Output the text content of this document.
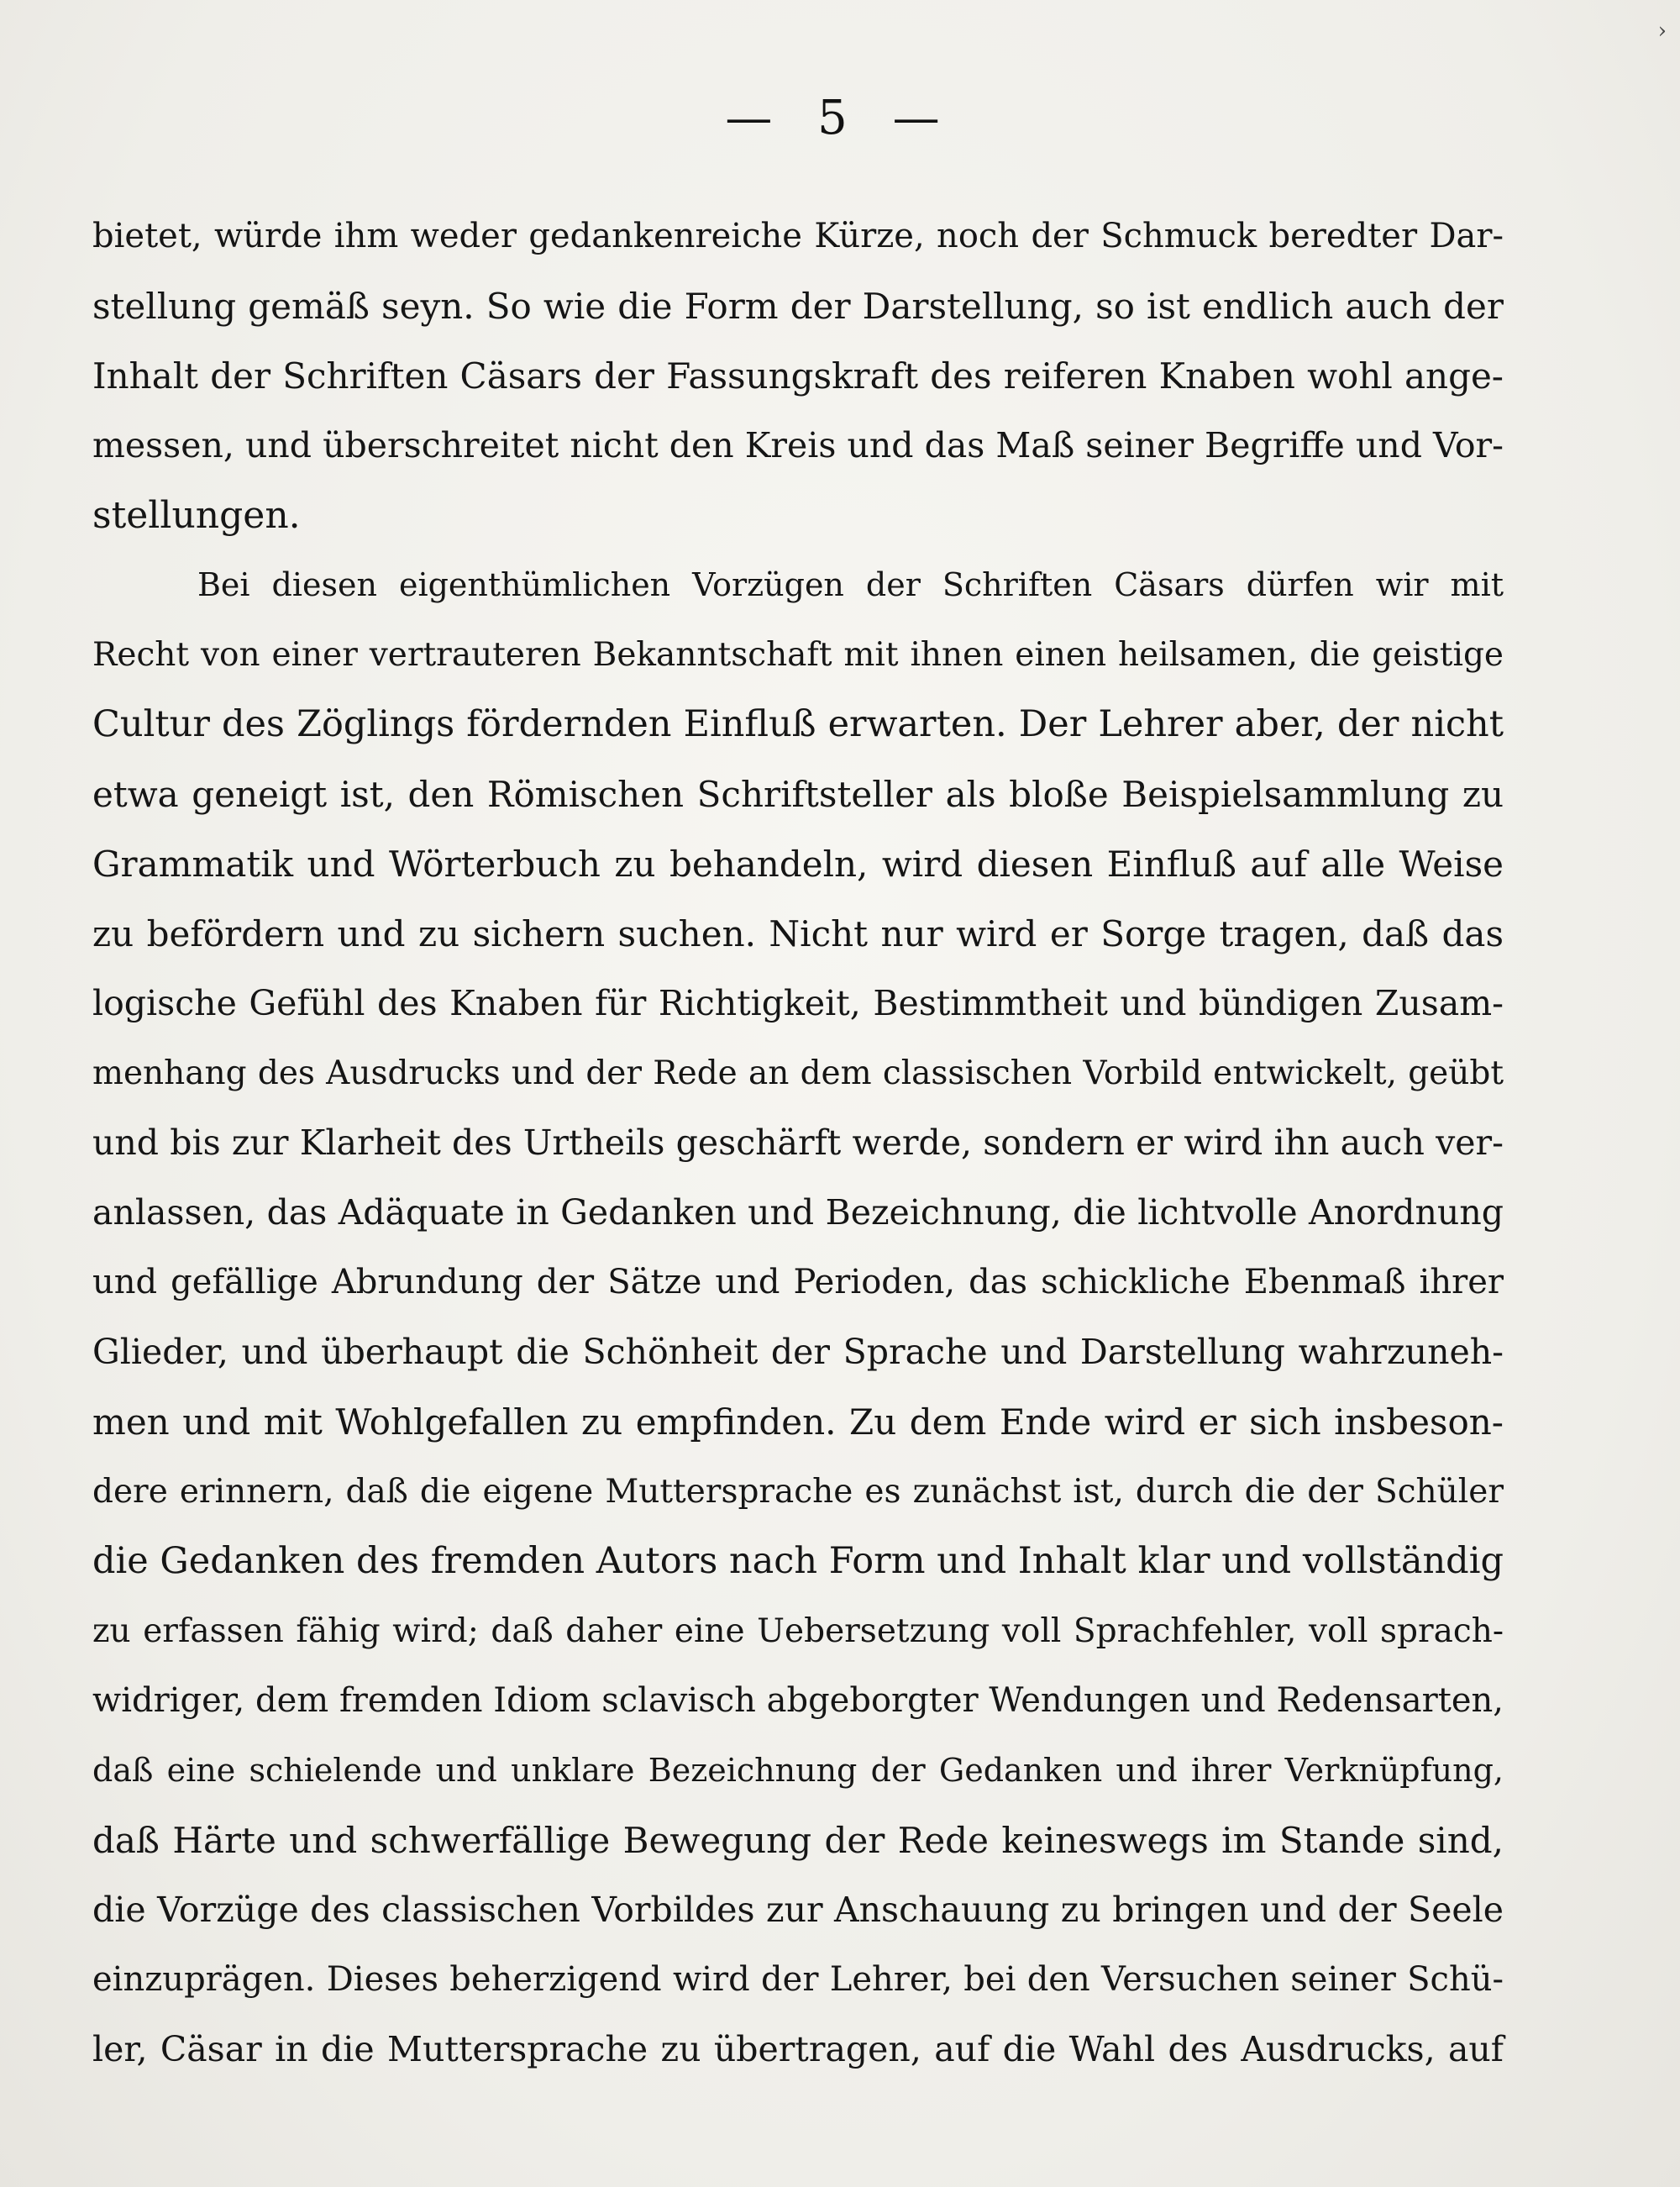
›
— 5 —
bietet, würde ihm weder gedankenreiche Kürze, noch der Schmuck beredter Dar-
stellung gemäß seyn. So wie die Form der Darstellung, so ist endlich auch der
Inhalt der Schriften Cäsars der Fassungskraft des reiferen Knaben wohl ange-
messen, und überschreitet nicht den Kreis und das Maß seiner Begriffe und Vor-
stellungen.
Bei diesen eigenthümlichen Vorzügen der Schriften Cäsars dürfen wir mit
Recht von einer vertrauteren Bekanntschaft mit ihnen einen heilsamen, die geistige
Cultur des Zöglings fördernden Einfluß erwarten. Der Lehrer aber, der nicht
etwa geneigt ist, den Römischen Schriftsteller als bloße Beispielsammlung zu
Grammatik und Wörterbuch zu behandeln, wird diesen Einfluß auf alle Weise
zu befördern und zu sichern suchen. Nicht nur wird er Sorge tragen, daß das
logische Gefühl des Knaben für Richtigkeit, Bestimmtheit und bündigen Zusam-
menhang des Ausdrucks und der Rede an dem classischen Vorbild entwickelt, geübt
und bis zur Klarheit des Urtheils geschärft werde, sondern er wird ihn auch ver-
anlassen, das Adäquate in Gedanken und Bezeichnung, die lichtvolle Anordnung
und gefällige Abrundung der Sätze und Perioden, das schickliche Ebenmaß ihrer
Glieder, und überhaupt die Schönheit der Sprache und Darstellung wahrzuneh-
men und mit Wohlgefallen zu empfinden. Zu dem Ende wird er sich insbeson-
dere erinnern, daß die eigene Muttersprache es zunächst ist, durch die der Schüler
die Gedanken des fremden Autors nach Form und Inhalt klar und vollständig
zu erfassen fähig wird; daß daher eine Uebersetzung voll Sprachfehler, voll sprach-
widriger, dem fremden Idiom sclavisch abgeborgter Wendungen und Redensarten,
daß eine schielende und unklare Bezeichnung der Gedanken und ihrer Verknüpfung,
daß Härte und schwerfällige Bewegung der Rede keineswegs im Stande sind,
die Vorzüge des classischen Vorbildes zur Anschauung zu bringen und der Seele
einzuprägen. Dieses beherzigend wird der Lehrer, bei den Versuchen seiner Schü-
ler, Cäsar in die Muttersprache zu übertragen, auf die Wahl des Ausdrucks, auf
